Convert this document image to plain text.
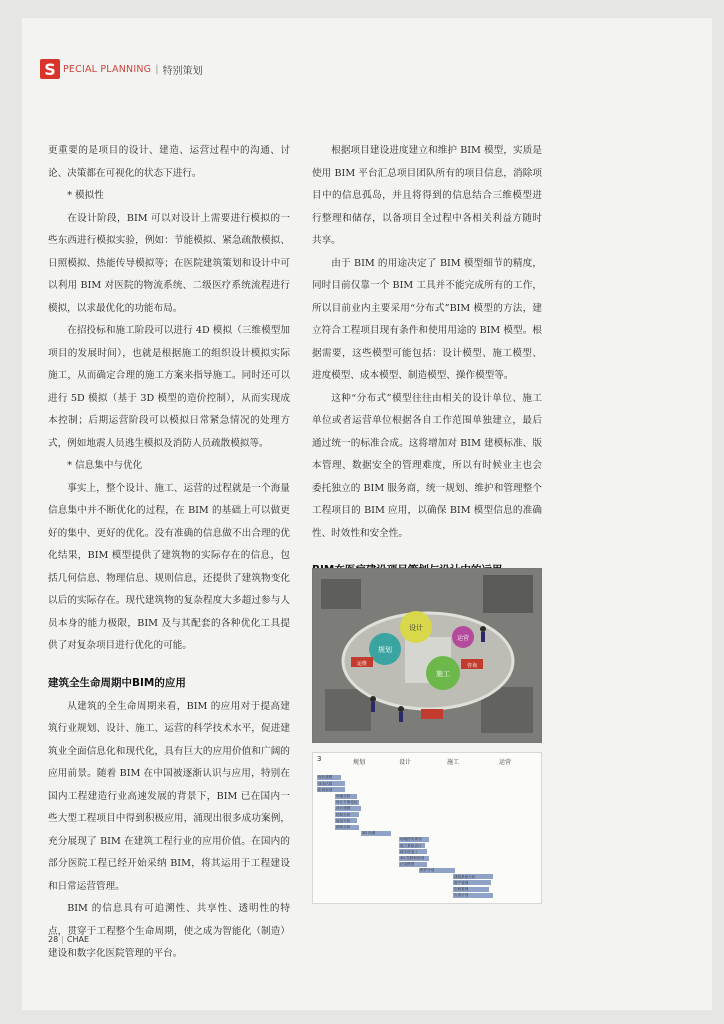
S PECIAL PLANNING | 特别策划

更重要的是项目的设计、建造、运营过程中的沟通、讨论、决策都在可视化的状态下进行。

* 模拟性

在设计阶段，BIM 可以对设计上需要进行模拟的一些东西进行模拟实验，例如：节能模拟、紧急疏散模拟、日照模拟、热能传导模拟等；在医院建筑策划和设计中可以利用 BIM 对医院的物流系统、二级医疗系统流程进行模拟，以求最优化的功能布局。

在招投标和施工阶段可以进行 4D 模拟（三维模型加项目的发展时间），也就是根据施工的组织设计模拟实际施工，从而确定合理的施工方案来指导施工。同时还可以进行 5D 模拟（基于 3D 模型的造价控制），从而实现成本控制；后期运营阶段可以模拟日常紧急情况的处理方式，例如地震人员逃生模拟及消防人员疏散模拟等。

* 信息集中与优化

事实上，整个设计、施工、运营的过程就是一个海量信息集中并不断优化的过程，在 BIM 的基础上可以做更好的集中、更好的优化。没有准确的信息做不出合理的优化结果，BIM 模型提供了建筑物的实际存在的信息，包括几何信息、物理信息、规则信息，还提供了建筑物变化以后的实际存在。现代建筑物的复杂程度大多超过参与人员本身的能力极限，BIM 及与其配套的各种优化工具提供了对复杂项目进行优化的可能。

建筑全生命周期中BIM的应用

从建筑的全生命周期来看，BIM 的应用对于提高建筑行业规划、设计、施工、运营的科学技术水平，促进建筑业全面信息化和现代化，具有巨大的应用价值和广阔的应用前景。随着 BIM 在中国被逐渐认识与应用，特别在国内工程建造行业高速发展的背景下，BIM 已在国内一些大型工程项目中得到积极应用，涌现出很多成功案例，充分展现了 BIM 在建筑工程行业的应用价值。在国内的部分医院工程已经开始采纳 BIM，将其运用于工程建设和日常运营管理。

BIM 的信息具有可追溯性、共享性、透明性的特点，贯穿于工程整个生命周期，使之成为智能化（制造）建设和数字化医院管理的平台。

根据项目建设进度建立和维护 BIM 模型，实质是使用 BIM 平台汇总项目团队所有的项目信息，消除项目中的信息孤岛，并且将得到的信息结合三维模型进行整理和储存，以备项目全过程中各相关利益方随时共享。

由于 BIM 的用途决定了 BIM 模型细节的精度，同时目前仅靠一个 BIM 工具并不能完成所有的工作，所以目前业内主要采用“分布式”BIM 模型的方法，建立符合工程项目现有条件和使用用途的 BIM 模型。根据需要，这些模型可能包括：设计模型、施工模型、进度模型、成本模型、制造模型、操作模型等。

这种“分布式”模型往往由相关的设计单位、施工单位或者运营单位根据各自工作范围单独建立，最后通过统一的标准合成。这将增加对 BIM 建模标准、版本管理、数据安全的管理难度，所以有时候业主也会委托独立的 BIM 服务商，统一规划、维护和管理整个工程项目的 BIM 应用，以确保 BIM 模型信息的准确性、时效性和安全性。

规划
设计
施工
运营
运维	咨询
3	规划	设计	施工	运营
现状建模
成本估算
阶段规划
场地分析
设计方案论证
设计建模
结构分析
能量分析
照明分析
3D 协调
场地使用规划
施工系统设计
数字化加工
3D 控制和规划
记录模型
维护计划
建筑系统分析
资产管理
空间管理
灾害计划
28 | CHAE
